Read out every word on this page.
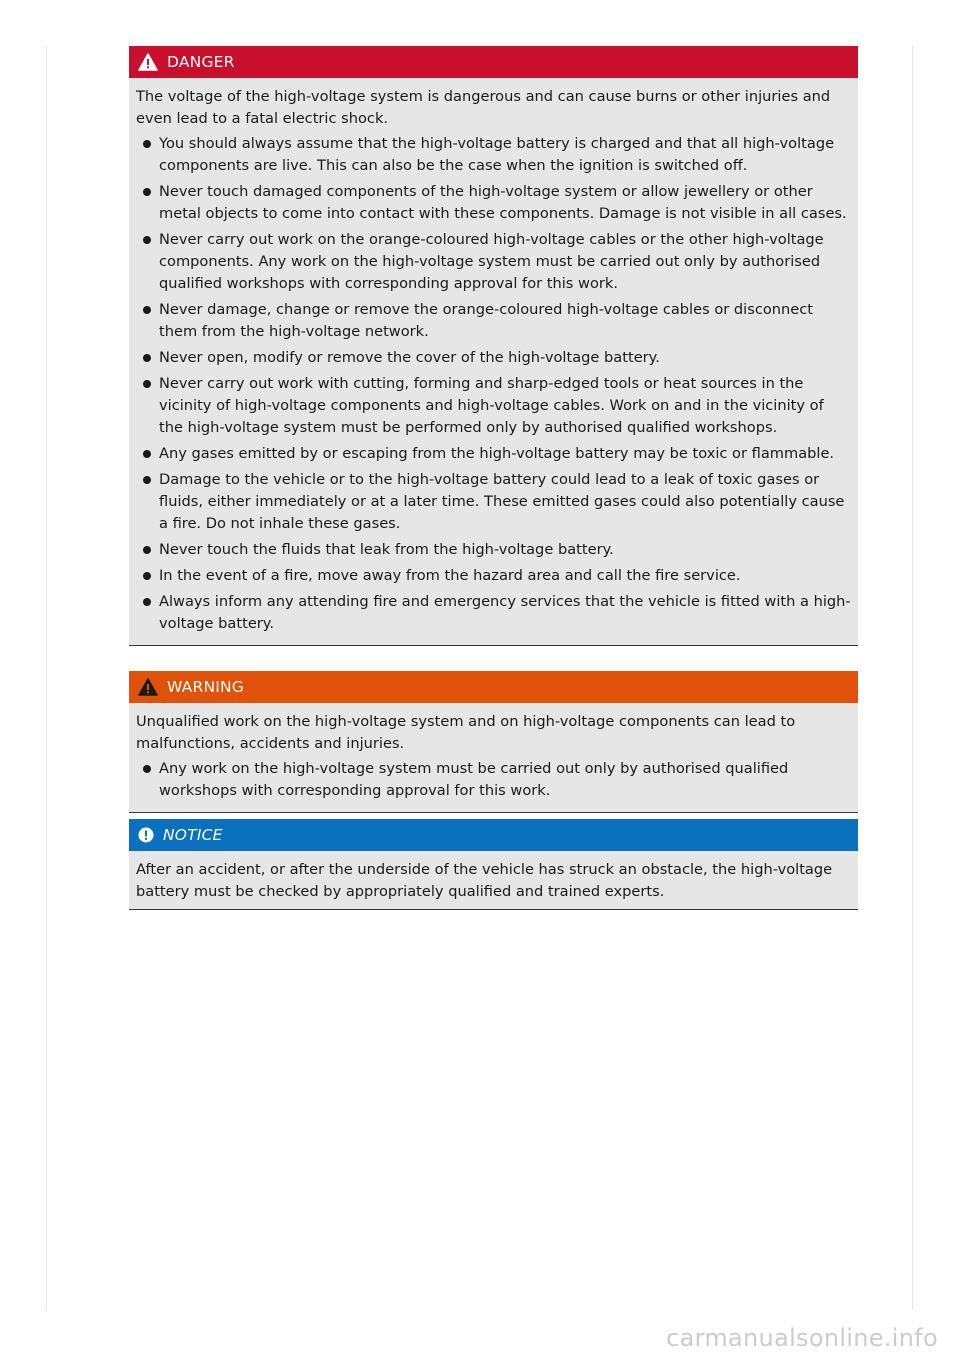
DANGER

The voltage of the high-voltage system is dangerous and can cause burns or other injuries and even lead to a fatal electric shock.

You should always assume that the high-voltage battery is charged and that all high-voltage components are live. This can also be the case when the ignition is switched off.
Never touch damaged components of the high-voltage system or allow jewellery or other metal objects to come into contact with these components. Damage is not visible in all cases.
Never carry out work on the orange-coloured high-voltage cables or the other high-voltage components. Any work on the high-voltage system must be carried out only by authorised qualified workshops with corresponding approval for this work.
Never damage, change or remove the orange-coloured high-voltage cables or disconnect them from the high-voltage network.
Never open, modify or remove the cover of the high-voltage battery.
Never carry out work with cutting, forming and sharp-edged tools or heat sources in the vicinity of high-voltage components and high-voltage cables. Work on and in the vicinity of the high-voltage system must be performed only by authorised qualified workshops.
Any gases emitted by or escaping from the high-voltage battery may be toxic or flammable.
Damage to the vehicle or to the high-voltage battery could lead to a leak of toxic gases or fluids, either immediately or at a later time. These emitted gases could also potentially cause a fire. Do not inhale these gases.
Never touch the fluids that leak from the high-voltage battery.
In the event of a fire, move away from the hazard area and call the fire service.
Always inform any attending fire and emergency services that the vehicle is fitted with a high-voltage battery.
WARNING

Unqualified work on the high-voltage system and on high-voltage components can lead to malfunctions, accidents and injuries.

Any work on the high-voltage system must be carried out only by authorised qualified workshops with corresponding approval for this work.
NOTICE

After an accident, or after the underside of the vehicle has struck an obstacle, the high-voltage battery must be checked by appropriately qualified and trained experts.

carmanualsonline.info
